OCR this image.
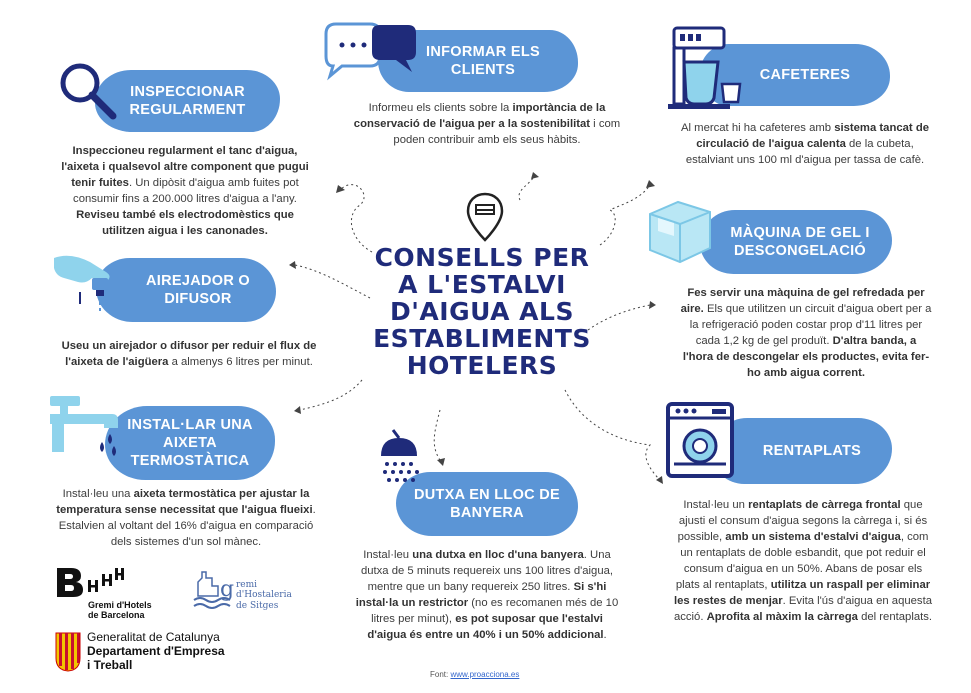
CONSELLS PER A L'ESTALVI D'AIGUA ALS ESTABLIMENTS HOTELERS
INSPECCIONAR REGULARMENT
Inspeccioneu regularment el tanc d'aigua, l'aixeta i qualsevol altre component que pugui tenir fuites. Un dipòsit d'aigua amb fuites pot consumir fins a 200.000 litres d'aigua a l'any. Reviseu també els electrodomèstics que utilitzen aigua i les canonades.
INFORMAR ELS CLIENTS
Informeu els clients sobre la importància de la conservació de l'aigua per a la sostenibilitat i com poden contribuir amb els seus hàbits.
CAFETERES
Al mercat hi ha cafeteres amb sistema tancat de circulació de l'aigua calenta de la cubeta, estalviant uns 100 ml d'aigua per tassa de cafè.
MÀQUINA DE GEL I DESCONGELACIÓ
Fes servir una màquina de gel refredada per aire. Els que utilitzen un circuit d'aigua obert per a la refrigeració poden costar prop d'11 litres per cada 1,2 kg de gel produït. D'altra banda, a l'hora de descongelar els productes, evita fer-ho amb aigua corrent.
AIREJADOR O DIFUSOR
Useu un airejador o difusor per reduir el flux de l'aixeta de l'aigüera a almenys 6 litres per minut.
INSTAL·LAR UNA AIXETA TERMOSTÀTICA
Instal·leu una aixeta termostàtica per ajustar la temperatura sense necessitat que l'aigua flueixi. Estalvien al voltant del 16% d'aigua en comparació dels sistemes d'un sol mànec.
DUTXA EN LLOC DE BANYERA
Instal·leu una dutxa en lloc d'una banyera. Una dutxa de 5 minuts requereix uns 100 litres d'aigua, mentre que un bany requereix 250 litres. Si s'hi instal·la un restrictor (no es recomanen més de 10 litres per minut), es pot suposar que l'estalvi d'aigua és entre un 40% i un 50% addicional.
RENTAPLATS
Instal·leu un rentaplats de càrrega frontal que ajusti el consum d'aigua segons la càrrega i, si és possible, amb un sistema d'estalvi d'aigua, com un rentaplats de doble esbandit, que pot reduir el consum d'aigua en un 50%. Abans de posar els plats al rentaplats, utilitza un raspall per eliminar les restes de menjar. Evita l'ús d'aigua en aquesta acció. Aprofita al màxim la càrrega del rentaplats.
Gremi d'Hotels
de Barcelona
g remi
d'Hostaleria
de Sitges
Generalitat de Catalunya
Departament d'Empresa
i Treball
Font: www.proacciona.es
